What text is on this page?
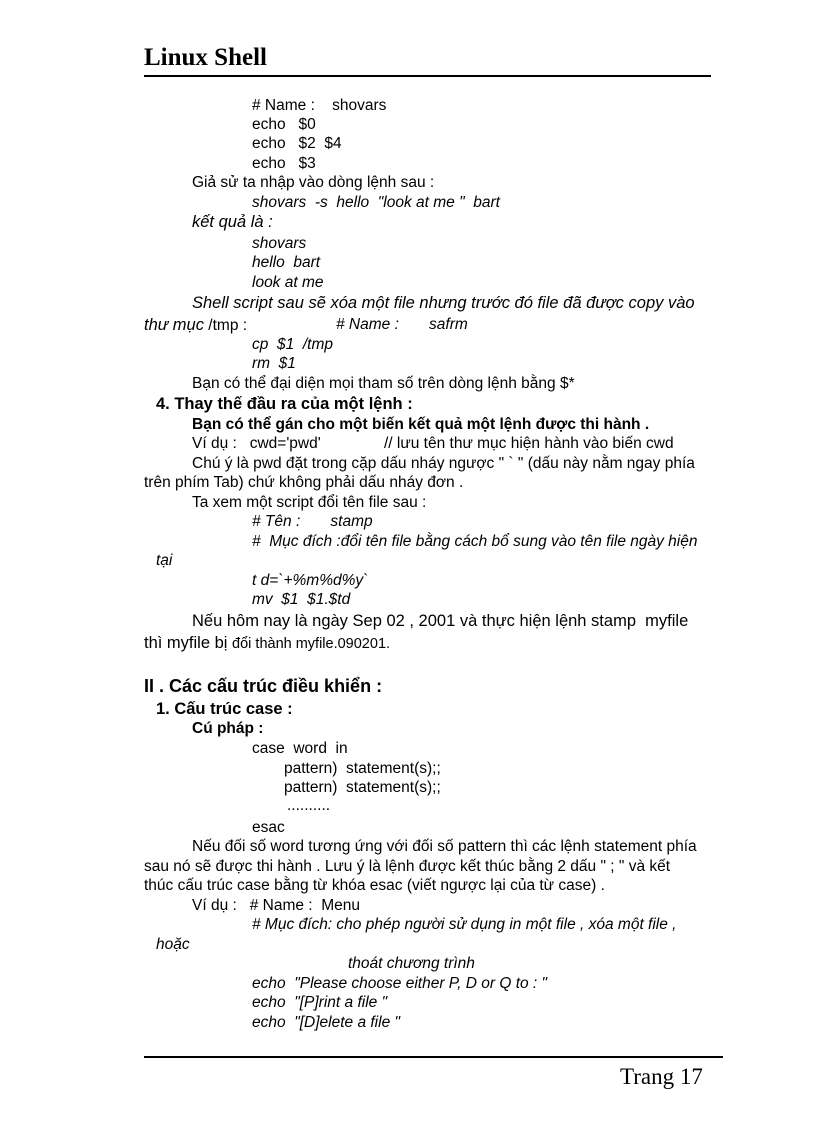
Linux Shell
# Name :    shovars
echo   $0
echo   $2  $4
echo   $3
Giả sử ta nhập vào dòng lệnh sau :
shovars  -s  hello  "look at me "  bart
kết quả là :
shovars
hello  bart
look at me
Shell script sau sẽ xóa một file nhưng trước đó file đã được copy vào
thư mục /tmp :	# Name :       safrm
cp  $1  /tmp
rm  $1
Bạn có thể đại diện mọi tham số trên dòng lệnh bằng $*
4. Thay thế đầu ra của một lệnh :
Bạn có thể gán cho một biến kết quả một lệnh được thi hành .
Ví dụ :   cwd='pwd'	// lưu tên thư mục hiện hành vào biến cwd
Chú ý là pwd đặt trong cặp dấu nháy ngược " ` " (dấu này nằm ngay phía
trên phím Tab) chứ không phải dấu nháy đơn .
Ta xem một script đổi tên file sau :
# Tên :       stamp
#  Mục đích :đổi tên file bằng cách bổ sung vào tên file ngày hiện
tại
t d=`+%m%d%y`
mv  $1  $1.$td
Nếu hôm nay là ngày Sep 02 , 2001 và thực hiện lệnh stamp  myfile
thì myfile bị đổi thành myfile.090201.
II . Các cấu trúc điều khiển :
1. Cấu trúc case :
Cú pháp :
case  word  in
pattern)  statement(s);;
pattern)  statement(s);;
..........
esac
Nếu đối số word tương ứng với đối số pattern thì các lệnh statement phía
sau nó sẽ được thi hành . Lưu ý là lệnh được kết thúc bằng 2 dấu " ; " và kết
thúc cấu trúc case bằng từ khóa esac (viết ngược lại của từ case) .
Ví dụ :   # Name :  Menu
# Mục đích: cho phép người sử dụng in một file , xóa một file ,
hoặc
thoát chương trình
echo  "Please choose either P, D or Q to : "
echo  "[P]rint a file "
echo  "[D]elete a file "
Trang 17
